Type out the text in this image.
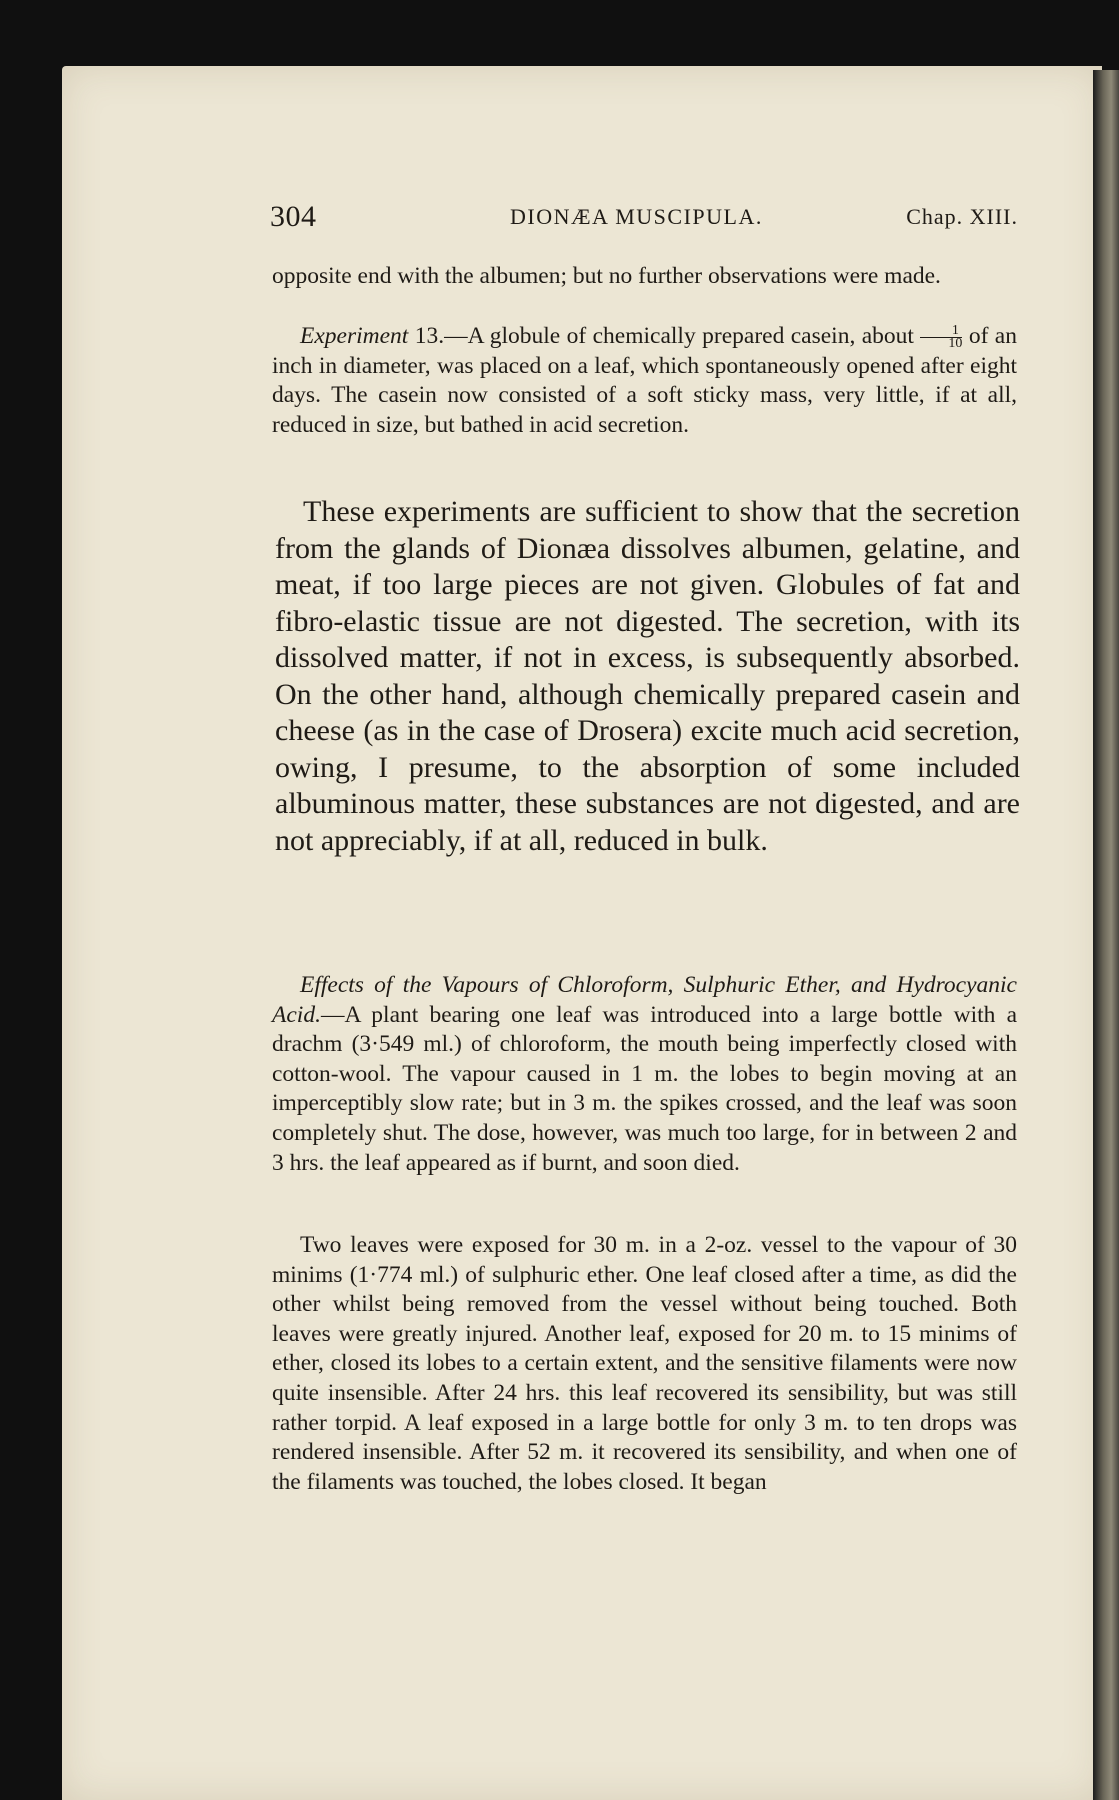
304	DIONÆA MUSCIPULA.	Chap. XIII.

opposite end with the albumen; but no further observations were made.

Experiment 13.—A globule of chemically prepared casein, about $\frac{1}{10}$ of an inch in diameter, was placed on a leaf, which spontaneously opened after eight days. The casein now consisted of a soft sticky mass, very little, if at all, reduced in size, but bathed in acid secretion.

These experiments are sufficient to show that the secretion from the glands of Dionæa dissolves albumen, gelatine, and meat, if too large pieces are not given. Globules of fat and fibro-elastic tissue are not digested. The secretion, with its dissolved matter, if not in excess, is subsequently absorbed. On the other hand, although chemically prepared casein and cheese (as in the case of Drosera) excite much acid secretion, owing, I presume, to the absorption of some included albuminous matter, these substances are not digested, and are not appreciably, if at all, reduced in bulk.

Effects of the Vapours of Chloroform, Sulphuric Ether, and Hydrocyanic Acid.—A plant bearing one leaf was introduced into a large bottle with a drachm (3·549 ml.) of chloroform, the mouth being imperfectly closed with cotton-wool. The vapour caused in 1 m. the lobes to begin moving at an imperceptibly slow rate; but in 3 m. the spikes crossed, and the leaf was soon completely shut. The dose, however, was much too large, for in between 2 and 3 hrs. the leaf appeared as if burnt, and soon died.

Two leaves were exposed for 30 m. in a 2-oz. vessel to the vapour of 30 minims (1·774 ml.) of sulphuric ether. One leaf closed after a time, as did the other whilst being removed from the vessel without being touched. Both leaves were greatly injured. Another leaf, exposed for 20 m. to 15 minims of ether, closed its lobes to a certain extent, and the sensitive filaments were now quite insensible. After 24 hrs. this leaf recovered its sensibility, but was still rather torpid. A leaf exposed in a large bottle for only 3 m. to ten drops was rendered insensible. After 52 m. it recovered its sensibility, and when one of the filaments was touched, the lobes closed. It began
